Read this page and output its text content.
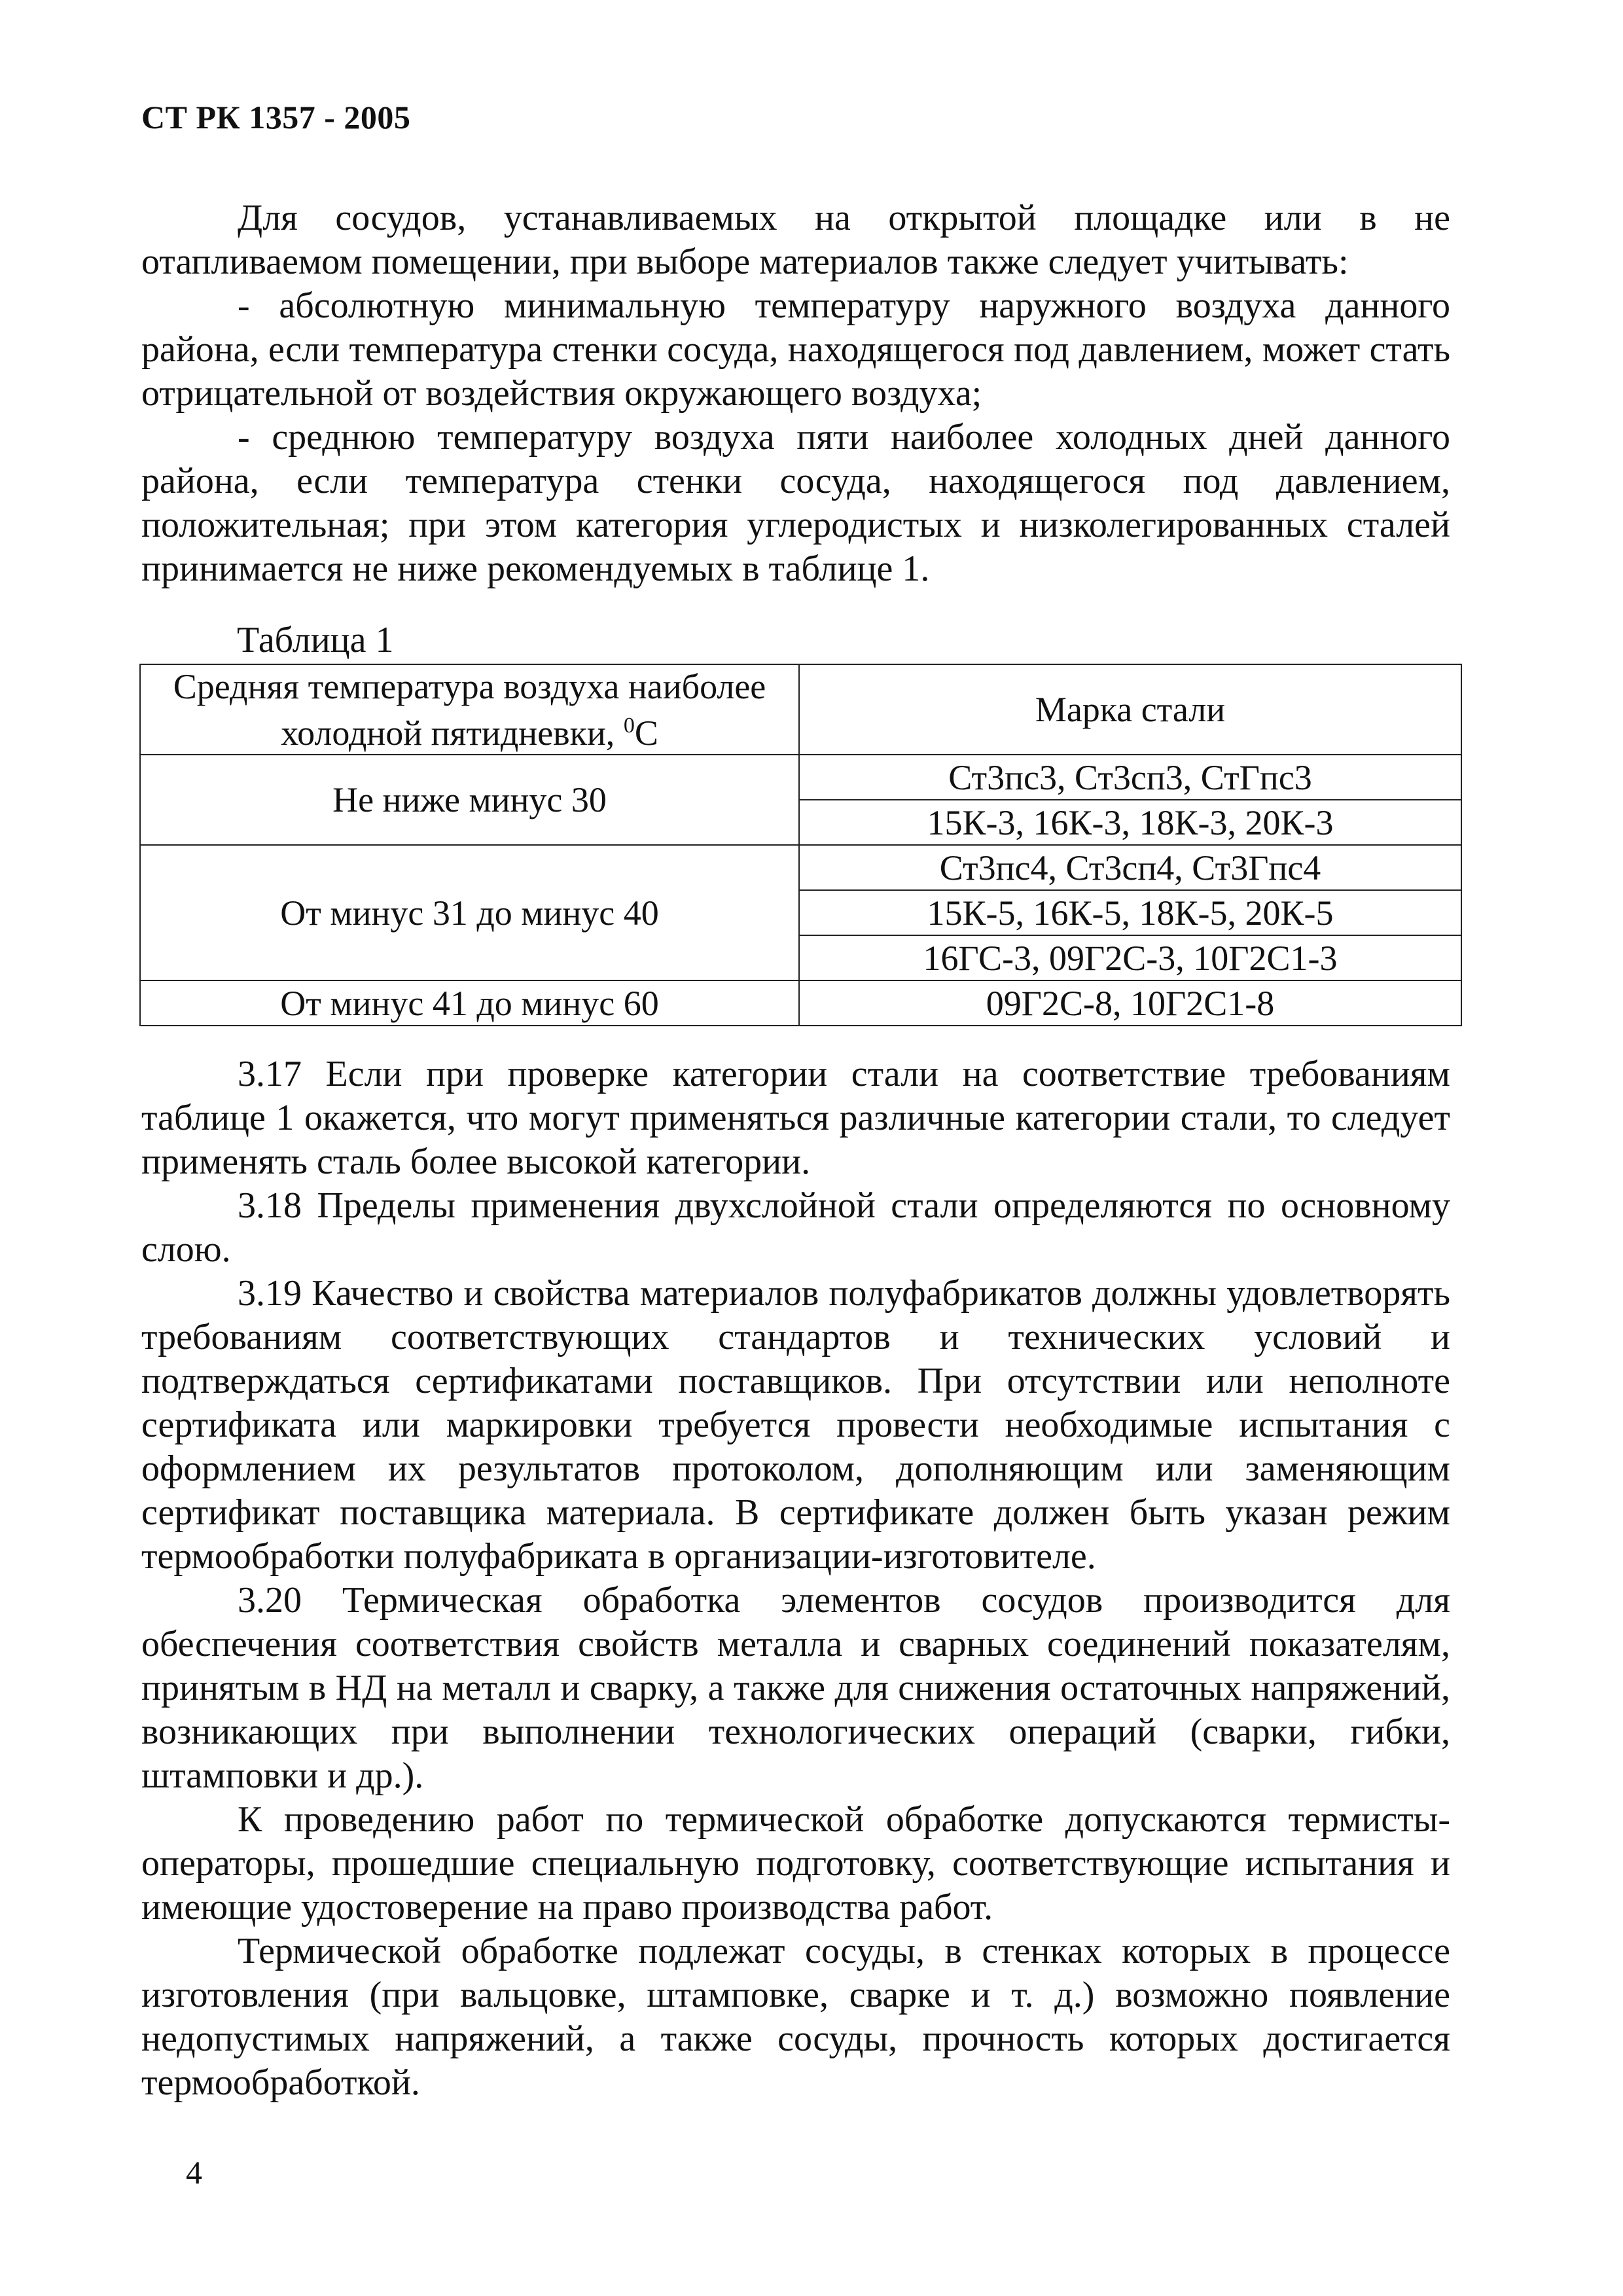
СТ РК 1357 - 2005

Для сосудов, устанавливаемых на открытой площадке или в не отапливаемом помещении, при выборе материалов также следует учитывать:

- абсолютную минимальную температуру наружного воздуха данного района, если температура стенки сосуда, находящегося под давлением, может стать отрицательной от воздействия окружающего воздуха;

- среднюю температуру воздуха пяти наиболее холодных дней данного района, если температура стенки сосуда, находящегося под давлением, положительная; при этом категория углеродистых и низколегированных сталей принимается не ниже рекомендуемых в таблице 1.

Таблица 1
Средняя температура воздуха наиболее холодной пятидневки, $^0$С	Марка стали
Не ниже минус 30	Ст3пс3, Ст3сп3, СтГпс3
	15К-3, 16К-3, 18К-3, 20К-3
От минус 31 до минус 40	Ст3пс4, Ст3сп4, Ст3Гпс4
	15К-5, 16К-5, 18К-5, 20К-5
	16ГС-3, 09Г2С-3, 10Г2С1-3
От минус 41 до минус 60	09Г2С-8, 10Г2С1-8

3.17 Если при проверке категории стали на соответствие требованиям таблице 1 окажется, что могут применяться различные категории стали, то следует применять сталь более высокой категории.

3.18 Пределы применения двухслойной стали определяются по основному слою.

3.19 Качество и свойства материалов полуфабрикатов должны удовлетворять требованиям соответствующих стандартов и технических условий и подтверждаться сертификатами поставщиков. При отсутствии или неполноте сертификата или маркировки требуется провести необходимые испытания с оформлением их результатов протоколом, дополняющим или заменяющим сертификат поставщика материала. В сертификате должен быть указан режим термообработки полуфабриката в организации-изготовителе.

3.20 Термическая обработка элементов сосудов производится для обеспечения соответствия свойств металла и сварных соединений показателям, принятым в НД на металл и сварку, а также для снижения остаточных напряжений, возникающих при выполнении технологических операций (сварки, гибки, штамповки и др.).

К проведению работ по термической обработке допускаются термисты-операторы, прошедшие специальную подготовку, соответствующие испытания и имеющие удостоверение на право производства работ.

Термической обработке подлежат сосуды, в стенках которых в процессе изготовления (при вальцовке, штамповке, сварке и т. д.) возможно появление недопустимых напряжений, а также сосуды, прочность которых достигается термообработкой.

4
